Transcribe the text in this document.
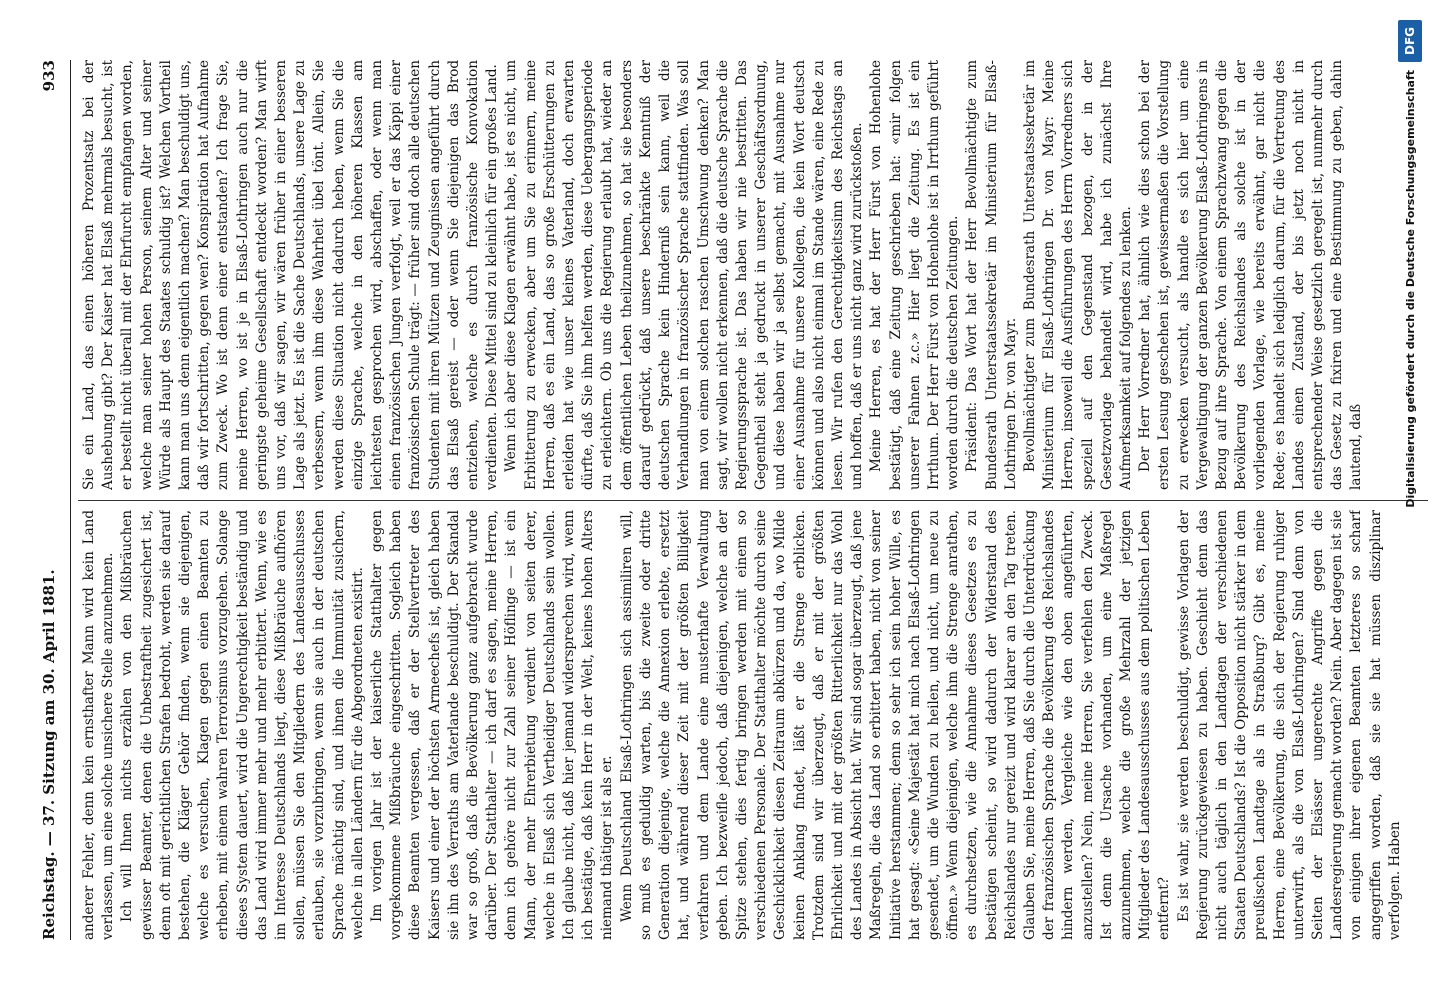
Reichstag. — 37. Sitzung am 30. April 1881.
933

anderer Fehler, denn kein ernsthafter Mann wird kein Land verlassen, um eine solche unsichere Stelle anzunehmen. Ich will Ihnen nichts erzählen von den Mißbräuchen gewisser Beamter, denen die Unbestraftheit zugesichert ist, denn oft mit gerichtlichen Strafen bedroht, werden sie darauf bestehen, die Kläger Gehör finden, wenn sie diejenigen, welche es versuchen, Klagen gegen einen Beamten zu erheben, mit einem wahren Terrorismus vorzugehen. Solange dieses System dauert, wird die Ungerechtigkeit beständig und das Land wird immer mehr und mehr erbittert. Wenn, wie es im Interesse Deutschlands liegt, diese Mißbräuche aufhören sollen, müssen Sie den Mitgliedern des Landesausschusses erlauben, sie vorzubringen, wenn sie auch in der deutschen Sprache mächtig sind, und ihnen die Immunität zusichern, welche in allen Ländern für die Abgeordneten existirt. Im vorigen Jahr ist der kaiserliche Statthalter gegen vorgekommene Mißbräuche eingeschritten. Sogleich haben diese Beamten vergessen, daß er der Stellvertreter des Kaisers und einer der höchsten Armeechefs ist, gleich haben sie ihn des Verraths am Vaterlande beschuldigt. Der Skandal war so groß, daß die Bevölkerung ganz aufgebracht wurde darüber. Der Statthalter — ich darf es sagen, meine Herren, denn ich gehöre nicht zur Zahl seiner Höflinge — ist ein Mann, der mehr Ehrerbietung verdient von seiten derer, welche in Elsaß sich Vertheidiger Deutschlands sein wollen. Ich glaube nicht, daß hier jemand widersprechen wird, wenn ich bestätige, daß kein Herr in der Welt, keines hohen Alters niemand thätiger ist als er. Wenn Deutschland Elsaß-Lothringen sich assimiliren will, so muß es geduldig warten, bis die zweite oder dritte Generation diejenige, welche die Annexion erlebte, ersetzt hat, und während dieser Zeit mit der größten Billigkeit verfahren und dem Lande eine musterhafte Verwaltung geben. Ich bezweifle jedoch, daß diejenigen, welche an der Spitze stehen, dies fertig bringen werden mit einem so verschiedenen Personale. Der Statthalter möchte durch seine Geschicklichkeit diesen Zeitraum abkürzen und da, wo Milde keinen Anklang findet, läßt er die Strenge erblicken. Trotzdem sind wir überzeugt, daß er mit der größten Ehrlichkeit und mit der größten Ritterlichkeit nur das Wohl des Landes in Absicht hat. Wir sind sogar überzeugt, daß jene Maßregeln, die das Land so erbittert haben, nicht von seiner Initiative herstammen; denn so sehr ich sein hoher Wille, es hat gesagt: «Seine Majestät hat mich nach Elsaß-Lothringen gesendet, um die Wunden zu heilen, und nicht, um neue zu öffnen.» Wenn diejenigen, welche ihm die Strenge anrathen, es durchsetzen, wie die Annahme dieses Gesetzes es zu bestätigen scheint, so wird dadurch der Widerstand des Reichslandes nur gereizt und wird klarer an den Tag treten. Glauben Sie, meine Herren, daß Sie durch die Unterdrückung der französischen Sprache die Bevölkerung des Reichslandes hindern werden, Vergleiche wie den oben angeführten, anzustellen? Nein, meine Herren, Sie verfehlen den Zweck. Ist denn die Ursache vorhanden, um eine Maßregel anzunehmen, welche die große Mehrzahl der jetzigen Mitglieder des Landesausschusses aus dem politischen Leben entfernt? Es ist wahr, sie werden beschuldigt, gewisse Vorlagen der Regierung zurückgewiesen zu haben. Geschieht denn das nicht auch täglich in den Landtagen der verschiedenen Staaten Deutschlands? Ist die Opposition nicht stärker in dem preußischen Landtage als in Straßburg? Gibt es, meine Herren, eine Bevölkerung, die sich der Regierung ruhiger unterwirft, als die von Elsaß-Lothringen? Sind denn von Seiten der Elsässer ungerechte Angriffe gegen die Landesregierung gemacht worden? Nein. Aber dagegen ist sie von einigen ihrer eigenen Beamten letzteres so scharf angegriffen worden, daß sie sie hat müssen disziplinar verfolgen. Haben

Sie ein Land, das einen höheren Prozentsatz bei der Aushebung gibt? Der Kaiser hat Elsaß mehrmals besucht, ist er bestellt nicht überall mit der Ehrfurcht empfangen worden, welche man seiner hohen Person, seinem Alter und seiner Würde als Haupt des Staates schuldig ist? Welchen Vortheil kann man uns denn eigentlich machen? Man beschuldigt uns, daß wir fortschritten, gegen wen? Konspiration hat Aufnahme zum Zweck. Wo ist denn einer entstanden? Ich frage Sie, meine Herren, wo ist je in Elsaß-Lothringen auch nur die geringste geheime Gesellschaft entdeckt worden? Man wirft uns vor, daß wir sagen, wir wären früher in einer besseren Lage als jetzt. Es ist die Sache Deutschlands, unsere Lage zu verbessern, wenn ihm diese Wahrheit übel tönt. Allein, Sie werden diese Situation nicht dadurch heben, wenn Sie die einzige Sprache, welche in den höheren Klassen am leichtesten gesprochen wird, abschaffen, oder wenn man einen französischen Jungen verfolgt, weil er das Käppi einer französischen Schule trägt: — früher sind doch alle deutschen Studenten mit ihren Mützen und Zeugnissen angeführt durch das Elsaß gereist — oder wenn Sie diejenigen das Brod entziehen, welche es durch französische Konvokation verdienten. Diese Mittel sind zu kleinlich für ein großes Land. Wenn ich aber diese Klagen erwähnt habe, ist es nicht, um Erbitterung zu erwecken, aber um Sie zu erinnern, meine Herren, daß es ein Land, das so große Erschütterungen zu erleiden hat wie unser kleines Vaterland, doch erwarten dürfte, daß Sie ihm helfen werden, diese Uebergangsperiode zu erleichtern. Ob uns die Regierung erlaubt hat, wieder an dem öffentlichen Leben theilzunehmen, so hat sie besonders darauf gedrückt, daß unsere beschränkte Kenntniß der deutschen Sprache kein Hinderniß sein kann, weil die Verhandlungen in französischer Sprache stattfinden. Was soll man von einem solchen raschen Umschwung denken? Man sagt, wir wollen nicht erkennen, daß die deutsche Sprache die Regierungssprache ist. Das haben wir nie bestritten. Das Gegentheil steht ja gedruckt in unserer Geschäftsordnung, und diese haben wir ja selbst gemacht, mit Ausnahme nur einer Ausnahme für unsere Kollegen, die kein Wort deutsch können und also nicht einmal im Stande wären, eine Rede zu lesen. Wir rufen den Gerechtigkeitssinn des Reichstags an und hoffen, daß er uns nicht ganz wird zurückstoßen. Meine Herren, es hat der Herr Fürst von Hohenlohe bestätigt, daß eine Zeitung geschrieben hat: «mir folgen unserer Fahnen z.c.» Hier liegt die Zeitung. Es ist ein Irrthum. Der Herr Fürst von Hohenlohe ist in Irrthum geführt worden durch die deutschen Zeitungen. Präsident: Das Wort hat der Herr Bevollmächtigte zum Bundesrath Unterstaatssekretär im Ministerium für Elsaß-Lothringen Dr. von Mayr. Bevollmächtigter zum Bundesrath Unterstaatssekretär im Ministerium für Elsaß-Lothringen Dr. von Mayr: Meine Herren, insoweil die Ausführungen des Herrn Vorredners sich speziell auf den Gegenstand bezogen, der in der Gesetzvorlage behandelt wird, habe ich zunächst Ihre Aufmerksamkeit auf folgendes zu lenken. Der Herr Vorredner hat, ähnlich wie dies schon bei der ersten Lesung geschehen ist, gewissermaßen die Vorstellung zu erwecken versucht, als handle es sich hier um eine Vergewaltigung der ganzen Bevölkerung Elsaß-Lothringens in Bezug auf ihre Sprache. Von einem Sprachzwang gegen die Bevölkerung des Reichslandes als solche ist in der vorliegenden Vorlage, wie bereits erwähnt, gar nicht die Rede; es handelt sich lediglich darum, für die Vertretung des Landes einen Zustand, der bis jetzt noch nicht in entsprechender Weise gesetzlich geregelt ist, nunmehr durch das Gesetz zu fixiren und eine Bestimmung zu geben, dahin lautend, daß	Digitalisierung gefördert durch die Deutsche Forschungsgemeinschaft
DFG
